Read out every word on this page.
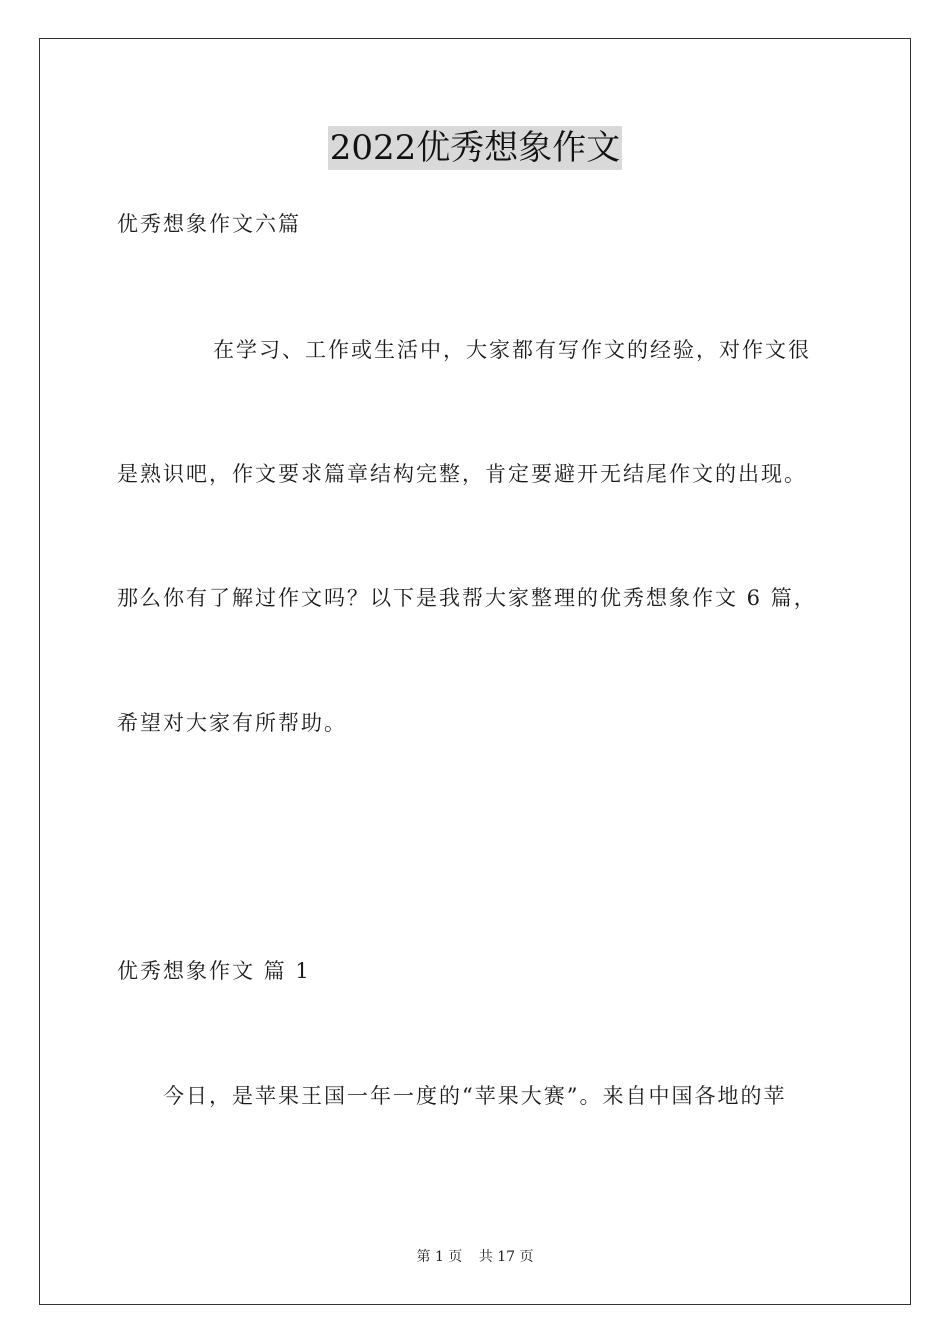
2022优秀想象作文
优秀想象作文六篇
在学习、工作或生活中，大家都有写作文的经验，对作文很
是熟识吧，作文要求篇章结构完整，肯定要避开无结尾作文的出现。
那么你有了解过作文吗？以下是我帮大家整理的优秀想象作文 6 篇，
希望对大家有所帮助。
优秀想象作文 篇 1
今日，是苹果王国一年一度的“苹果大赛”。来自中国各地的苹
第 1 页 共 17 页
